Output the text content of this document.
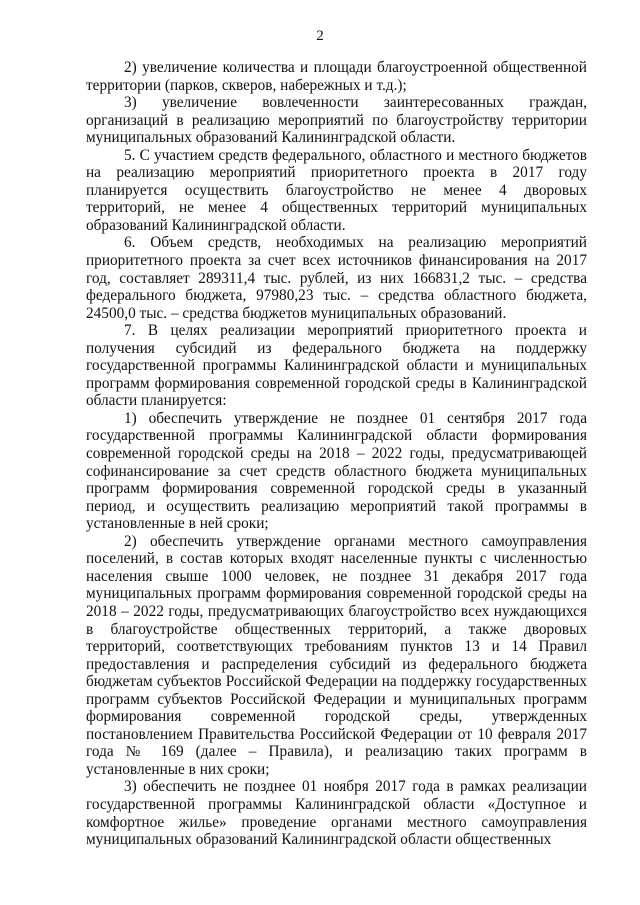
2

2) увеличение количества и площади благоустроенной общественной территории (парков, скверов, набережных и т.д.);

3) увеличение вовлеченности заинтересованных граждан, организаций в реализацию мероприятий по благоустройству территории муниципальных образований Калининградской области.

5. С участием средств федерального, областного и местного бюджетов на реализацию мероприятий приоритетного проекта в 2017 году планируется осуществить благоустройство не менее 4 дворовых территорий, не менее 4 общественных территорий муниципальных образований Калининградской области.

6. Объем средств, необходимых на реализацию мероприятий приоритетного проекта за счет всех источников финансирования на 2017 год, составляет 289311,4 тыс. рублей, из них 166831,2 тыс. – средства федерального бюджета, 97980,23 тыс. – средства областного бюджета, 24500,0 тыс. – средства бюджетов муниципальных образований.

7. В целях реализации мероприятий приоритетного проекта и получения субсидий из федерального бюджета на поддержку государственной программы Калининградской области и муниципальных программ формирования современной городской среды в Калининградской области планируется:

1) обеспечить утверждение не позднее 01 сентября 2017 года государственной программы Калининградской области формирования современной городской среды на 2018 – 2022 годы, предусматривающей софинансирование за счет средств областного бюджета муниципальных программ формирования современной городской среды в указанный период, и осуществить реализацию мероприятий такой программы в установленные в ней сроки;

2) обеспечить утверждение органами местного самоуправления поселений, в состав которых входят населенные пункты с численностью населения свыше 1000 человек, не позднее 31 декабря 2017 года муниципальных программ формирования современной городской среды на 2018 – 2022 годы, предусматривающих благоустройство всех нуждающихся в благоустройстве общественных территорий, а также дворовых территорий, соответствующих требованиям пунктов 13 и 14 Правил предоставления и распределения субсидий из федерального бюджета бюджетам субъектов Российской Федерации на поддержку государственных программ субъектов Российской Федерации и муниципальных программ формирования современной городской среды, утвержденных постановлением Правительства Российской Федерации от 10 февраля 2017 года № 169 (далее – Правила), и реализацию таких программ в установленные в них сроки;

3) обеспечить не позднее 01 ноября 2017 года в рамках реализации государственной программы Калининградской области «Доступное и комфортное жилье» проведение органами местного самоуправления муниципальных образований Калининградской области общественных
